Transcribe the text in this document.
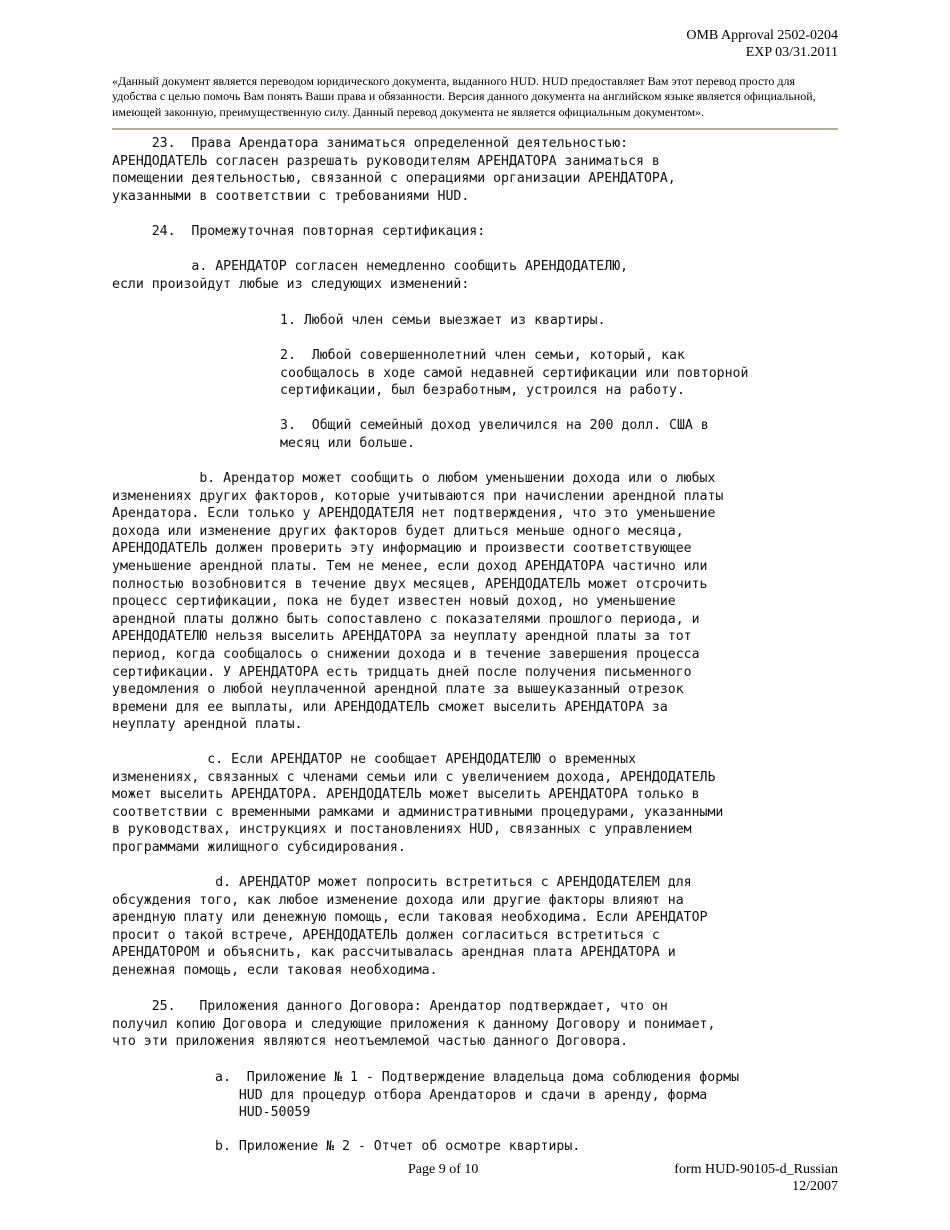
OMB Approval 2502-0204
EXP 03/31.2011
«Данный документ является переводом юридического документа, выданного HUD. HUD предоставляет Вам этот перевод просто для удобства с целью помочь Вам понять Ваши права и обязанности. Версия данного документа на английском языке является официальной, имеющей законную, преимущественную силу. Данный перевод документа не является официальным документом».
23.  Права Арендатора заниматься определенной деятельностью:
АРЕНДОДАТЕЛЬ согласен разрешать руководителям АРЕНДАТОРА заниматься в
помещении деятельностью, связанной с операциями организации АРЕНДАТОРА,
указанными в соответствии с требованиями HUD.
24.  Промежуточная повторная сертификация:
a. АРЕНДАТОР согласен немедленно сообщить АРЕНДОДАТЕЛЮ,
если произойдут любые из следующих изменений:
1. Любой член семьи выезжает из квартиры.
2.  Любой совершеннолетний член семьи, который, как
сообщалось в ходе самой недавней сертификации или повторной
сертификации, был безработным, устроился на работу.
3.  Общий семейный доход увеличился на 200 долл. США в
месяц или больше.
b. Арендатор может сообщить о любом уменьшении дохода или о любых
изменениях других факторов, которые учитываются при начислении арендной платы
Арендатора. Если только у АРЕНДОДАТЕЛЯ нет подтверждения, что это уменьшение
дохода или изменение других факторов будет длиться меньше одного месяца,
АРЕНДОДАТЕЛЬ должен проверить эту информацию и произвести соответствующее
уменьшение арендной платы. Тем не менее, если доход АРЕНДАТОРА частично или
полностью возобновится в течение двух месяцев, АРЕНДОДАТЕЛЬ может отсрочить
процесс сертификации, пока не будет известен новый доход, но уменьшение
арендной платы должно быть сопоставлено с показателями прошлого периода, и
АРЕНДОДАТЕЛЮ нельзя выселить АРЕНДАТОРА за неуплату арендной платы за тот
период, когда сообщалось о снижении дохода и в течение завершения процесса
сертификации. У АРЕНДАТОРА есть тридцать дней после получения письменного
уведомления о любой неуплаченной арендной плате за вышеуказанный отрезок
времени для ее выплаты, или АРЕНДОДАТЕЛЬ сможет выселить АРЕНДАТОРА за
неуплату арендной платы.
c. Если АРЕНДАТОР не сообщает АРЕНДОДАТЕЛЮ о временных
изменениях, связанных с членами семьи или с увеличением дохода, АРЕНДОДАТЕЛЬ
может выселить АРЕНДАТОРА. АРЕНДОДАТЕЛЬ может выселить АРЕНДАТОРА только в
соответствии с временными рамками и административными процедурами, указанными
в руководствах, инструкциях и постановлениях HUD, связанных с управлением
программами жилищного субсидирования.
d. АРЕНДАТОР может попросить встретиться с АРЕНДОДАТЕЛЕМ для
обсуждения того, как любое изменение дохода или другие факторы влияют на
арендную плату или денежную помощь, если таковая необходима. Если АРЕНДАТОР
просит о такой встрече, АРЕНДОДАТЕЛЬ должен согласиться встретиться с
АРЕНДАТОРОМ и объяснить, как рассчитывалась арендная плата АРЕНДАТОРА и
денежная помощь, если таковая необходима.
25.   Приложения данного Договора: Арендатор подтверждает, что он
получил копию Договора и следующие приложения к данному Договору и понимает,
что эти приложения являются неотъемлемой частью данного Договора.
a.  Приложение № 1 - Подтверждение владельца дома соблюдения формы
HUD для процедур отбора Арендаторов и сдачи в аренду, форма
HUD-50059
b. Приложение № 2 - Отчет об осмотре квартиры.
Page 9 of 10	form HUD-90105-d_Russian
12/2007
